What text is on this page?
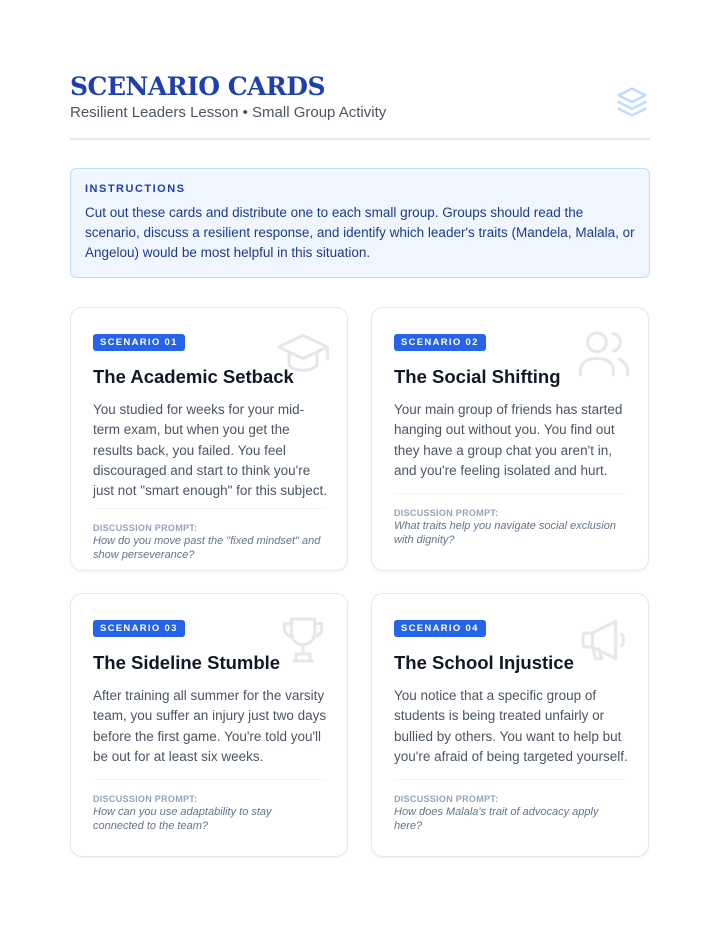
SCENARIO CARDS
Resilient Leaders Lesson • Small Group Activity
INSTRUCTIONS
Cut out these cards and distribute one to each small group. Groups should read the scenario, discuss a resilient response, and identify which leader's traits (Mandela, Malala, or Angelou) would be most helpful in this situation.
SCENARIO 01
The Academic Setback
You studied for weeks for your mid-term exam, but when you get the results back, you failed. You feel discouraged and start to think you're just not "smart enough" for this subject.
DISCUSSION PROMPT:
How do you move past the "fixed mindset" and show perseverance?
SCENARIO 02
The Social Shifting
Your main group of friends has started hanging out without you. You find out they have a group chat you aren't in, and you're feeling isolated and hurt.
DISCUSSION PROMPT:
What traits help you navigate social exclusion with dignity?
SCENARIO 03
The Sideline Stumble
After training all summer for the varsity team, you suffer an injury just two days before the first game. You're told you'll be out for at least six weeks.
DISCUSSION PROMPT:
How can you use adaptability to stay connected to the team?
SCENARIO 04
The School Injustice
You notice that a specific group of students is being treated unfairly or bullied by others. You want to help but you're afraid of being targeted yourself.
DISCUSSION PROMPT:
How does Malala's trait of advocacy apply here?
